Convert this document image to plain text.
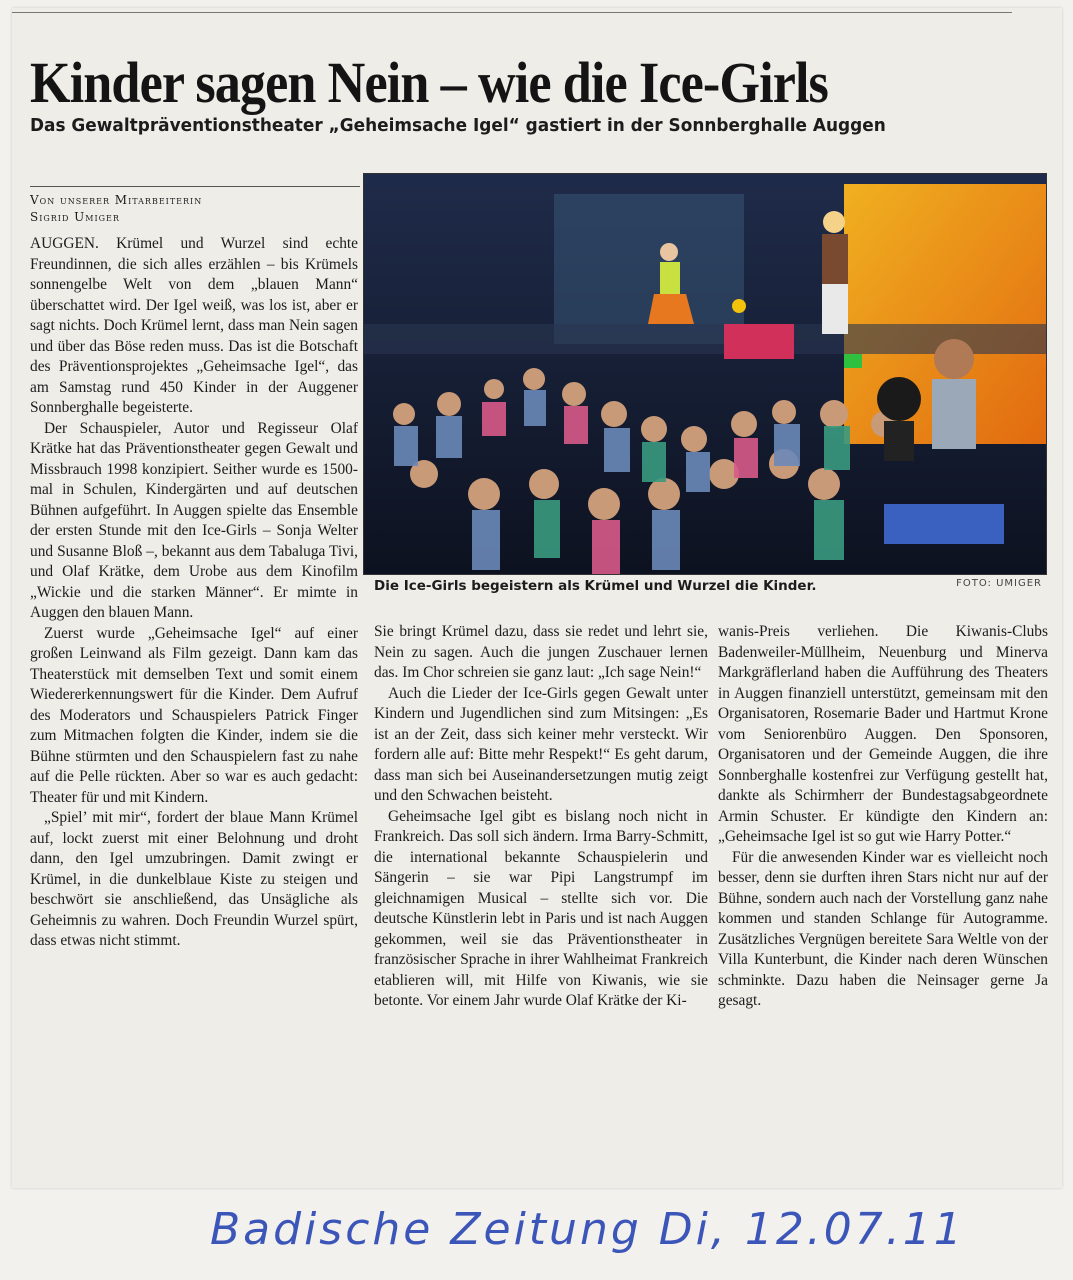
Kinder sagen Nein – wie die Ice-Girls
Das Gewaltpräventionstheater „Geheimsache Igel“ gastiert in der Sonnberghalle Auggen
Von unserer Mitarbeiterin
Sigrid Umiger
Die Ice-Girls begeistern als Krümel und Wurzel die Kinder.	FOTO: UMIGER

AUGGEN. Krümel und Wurzel sind echte Freundinnen, die sich alles erzählen – bis Krümels sonnengelbe Welt von dem „blauen Mann“ überschattet wird. Der Igel weiß, was los ist, aber er sagt nichts. Doch Krümel lernt, dass man Nein sagen und über das Böse reden muss. Das ist die Botschaft des Präventionsprojektes „Geheimsache Igel“, das am Samstag rund 450 Kinder in der Auggener Sonnberghalle begeisterte.

Der Schauspieler, Autor und Regisseur Olaf Krätke hat das Präventionstheater gegen Gewalt und Missbrauch 1998 konzipiert. Seither wurde es 1500-mal in Schulen, Kindergärten und auf deutschen Bühnen aufgeführt. In Auggen spielte das Ensemble der ersten Stunde mit den Ice-Girls – Sonja Welter und Susanne Bloß –, bekannt aus dem Tabaluga Tivi, und Olaf Krätke, dem Urobe aus dem Kinofilm „Wickie und die starken Männer“. Er mimte in Auggen den blauen Mann.

Zuerst wurde „Geheimsache Igel“ auf einer großen Leinwand als Film gezeigt. Dann kam das Theaterstück mit demselben Text und somit einem Wiedererkennungswert für die Kinder. Dem Aufruf des Moderators und Schauspielers Patrick Finger zum Mitmachen folgten die Kinder, indem sie die Bühne stürmten und den Schauspielern fast zu nahe auf die Pelle rückten. Aber so war es auch gedacht: Theater für und mit Kindern.

„Spiel’ mit mir“, fordert der blaue Mann Krümel auf, lockt zuerst mit einer Belohnung und droht dann, den Igel umzubringen. Damit zwingt er Krümel, in die dunkelblaue Kiste zu steigen und beschwört sie anschließend, das Unsägliche als Geheimnis zu wahren. Doch Freundin Wurzel spürt, dass etwas nicht stimmt.

Sie bringt Krümel dazu, dass sie redet und lehrt sie, Nein zu sagen. Auch die jungen Zuschauer lernen das. Im Chor schreien sie ganz laut: „Ich sage Nein!“

Auch die Lieder der Ice-Girls gegen Gewalt unter Kindern und Jugendlichen sind zum Mitsingen: „Es ist an der Zeit, dass sich keiner mehr versteckt. Wir fordern alle auf: Bitte mehr Respekt!“ Es geht darum, dass man sich bei Auseinandersetzungen mutig zeigt und den Schwachen beisteht.

Geheimsache Igel gibt es bislang noch nicht in Frankreich. Das soll sich ändern. Irma Barry-Schmitt, die international bekannte Schauspielerin und Sängerin – sie war Pipi Langstrumpf im gleichnamigen Musical – stellte sich vor. Die deutsche Künstlerin lebt in Paris und ist nach Auggen gekommen, weil sie das Präventionstheater in französischer Sprache in ihrer Wahlheimat Frankreich etablieren will, mit Hilfe von Kiwanis, wie sie betonte. Vor einem Jahr wurde Olaf Krätke der Ki-

wanis-Preis verliehen. Die Kiwanis-Clubs Badenweiler-Müllheim, Neuenburg und Minerva Markgräflerland haben die Aufführung des Theaters in Auggen finanziell unterstützt, gemeinsam mit den Organisatoren, Rosemarie Bader und Hartmut Krone vom Seniorenbüro Auggen. Den Sponsoren, Organisatoren und der Gemeinde Auggen, die ihre Sonnberghalle kostenfrei zur Verfügung gestellt hat, dankte als Schirmherr der Bundestagsabgeordnete Armin Schuster. Er kündigte den Kindern an: „Geheimsache Igel ist so gut wie Harry Potter.“

Für die anwesenden Kinder war es vielleicht noch besser, denn sie durften ihren Stars nicht nur auf der Bühne, sondern auch nach der Vorstellung ganz nahe kommen und standen Schlange für Autogramme. Zusätzliches Vergnügen bereitete Sara Weltle von der Villa Kunterbunt, die Kinder nach deren Wünschen schminkte. Dazu haben die Neinsager gerne Ja gesagt.

Badische Zeitung Di, 12.07.11
